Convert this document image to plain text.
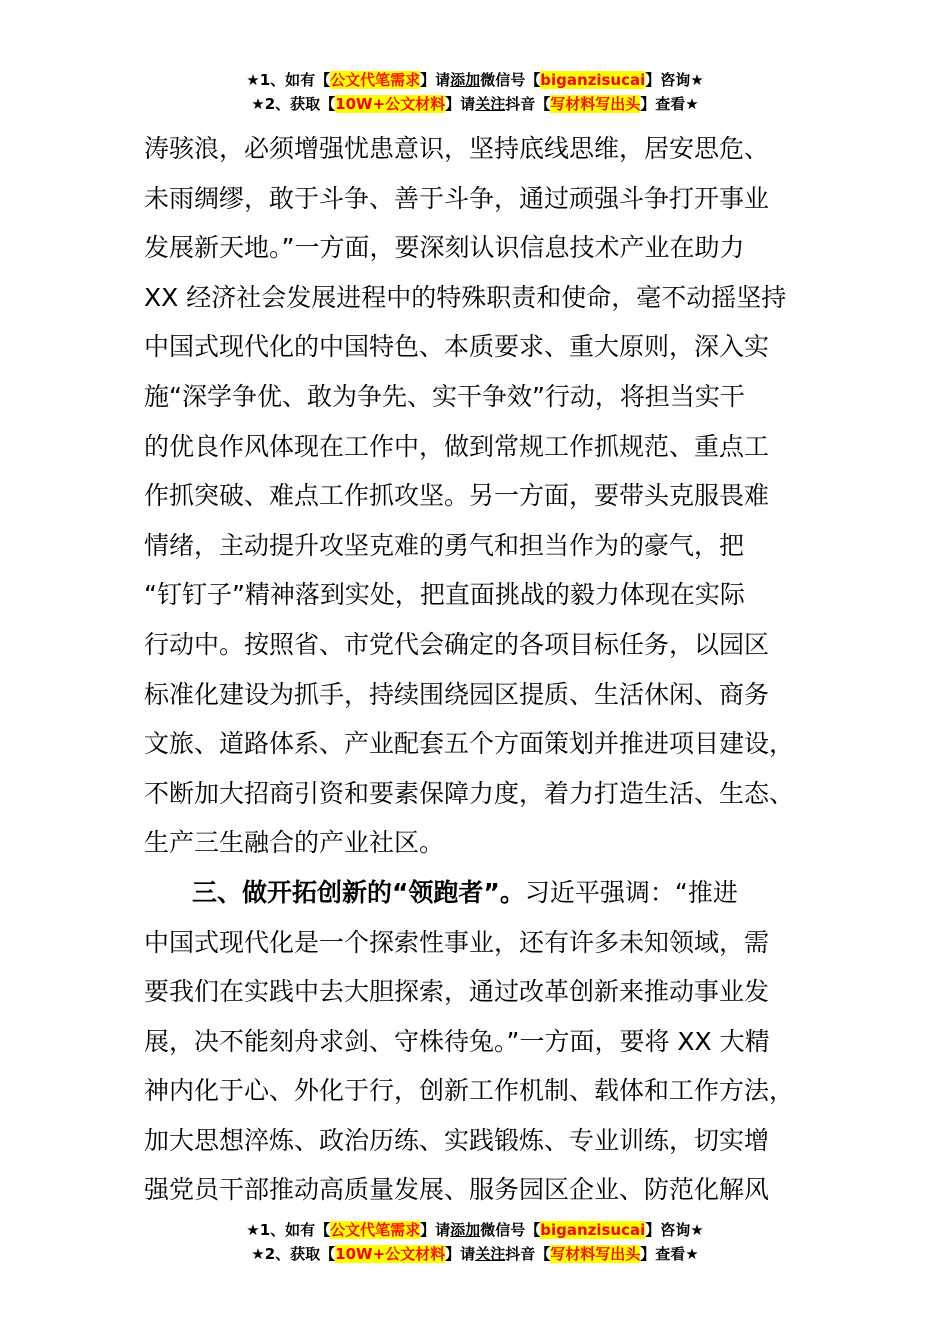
★1、如有【公文代笔需求】请添加微信号【biganzisucai】咨询★
★2、获取【10W+公文材料】请关注抖音【写材料写出头】查看★
涛骇浪，必须增强忧患意识，坚持底线思维，居安思危、
未雨绸缪，敢于斗争、善于斗争，通过顽强斗争打开事业
发展新天地。”一方面，要深刻认识信息技术产业在助力
XX 经济社会发展进程中的特殊职责和使命，毫不动摇坚持
中国式现代化的中国特色、本质要求、重大原则，深入实
施“深学争优、敢为争先、实干争效”行动，将担当实干
的优良作风体现在工作中，做到常规工作抓规范、重点工
作抓突破、难点工作抓攻坚。另一方面，要带头克服畏难
情绪，主动提升攻坚克难的勇气和担当作为的豪气，把
“钉钉子”精神落到实处，把直面挑战的毅力体现在实际
行动中。按照省、市党代会确定的各项目标任务，以园区
标准化建设为抓手，持续围绕园区提质、生活休闲、商务
文旅、道路体系、产业配套五个方面策划并推进项目建设，
不断加大招商引资和要素保障力度，着力打造生活、生态、
生产三生融合的产业社区。
三、做开拓创新的“领跑者”。习近平强调：“推进
中国式现代化是一个探索性事业，还有许多未知领域，需
要我们在实践中去大胆探索，通过改革创新来推动事业发
展，决不能刻舟求剑、守株待兔。”一方面，要将 XX 大精
神内化于心、外化于行，创新工作机制、载体和工作方法，
加大思想淬炼、政治历练、实践锻炼、专业训练，切实增
强党员干部推动高质量发展、服务园区企业、防范化解风
★1、如有【公文代笔需求】请添加微信号【biganzisucai】咨询★
★2、获取【10W+公文材料】请关注抖音【写材料写出头】查看★
